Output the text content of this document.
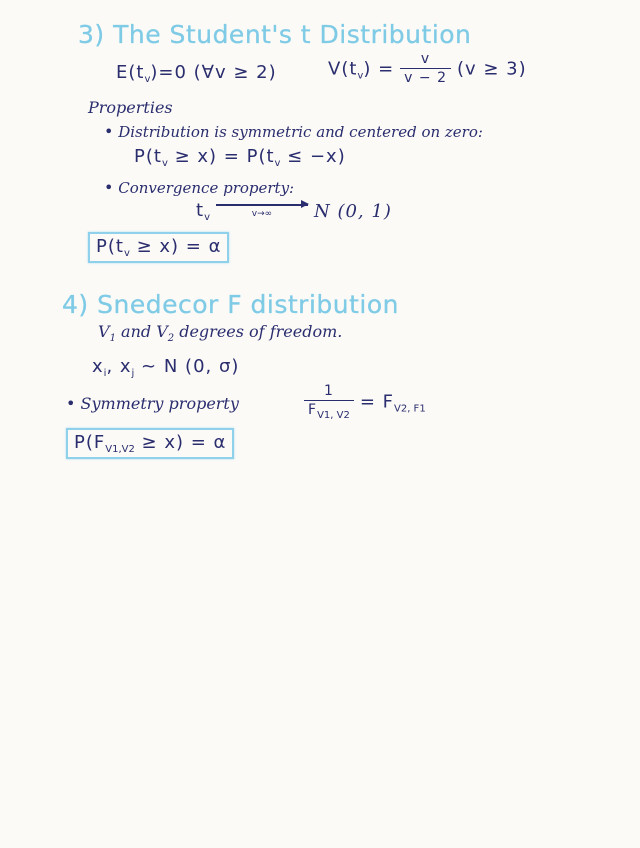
3) The Student's t Distribution
$E(t_v)=0$ (∀v ≥ 2)	$V(t_v) = \frac{v}{v - 2} (v \ge 3)$
Properties
• Distribution is symmetric and centered on zero:
$P(t_v \ge x) = P(t_v \le -x)$
• Convergence property:
$t_v$	v→∞ N (0, 1)
$P(t_v \ge x) = \alpha$
4) Snedecor F distribution
$V_1$ and $V_2$ degrees of freedom.
$x_i$, $x_j$ ~ N (0, σ)
• Symmetry property	$\frac{1}{F_{V1, V2}} = F_{V2, F1}$
$P(F_{V1,V2} \ge x) = \alpha$
